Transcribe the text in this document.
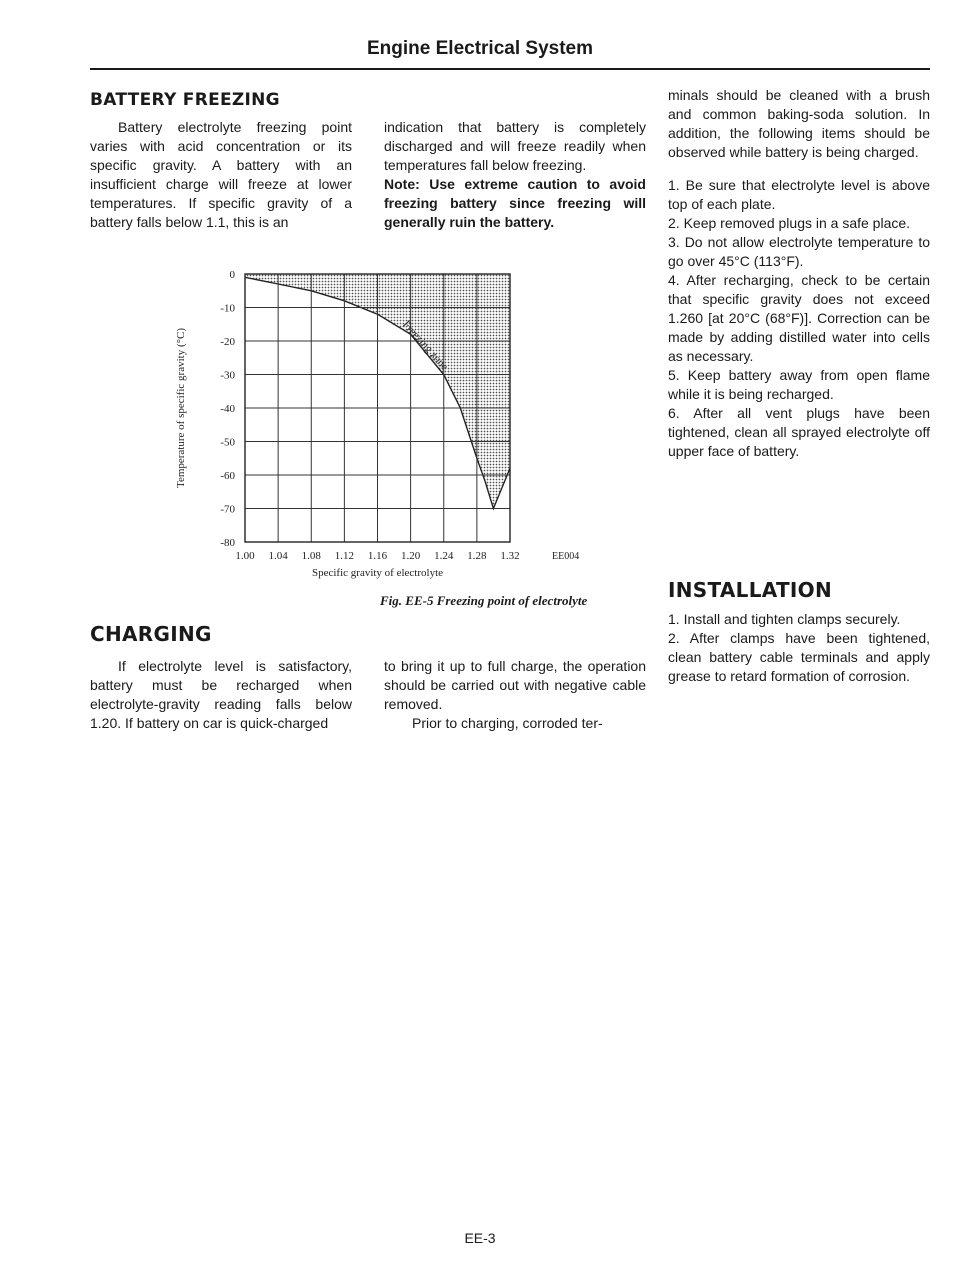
Engine Electrical System
BATTERY FREEZING

Battery electrolyte freezing point varies with acid concentration or its specific gravity. A battery with an insufficient charge will freeze at lower temperatures. If specific gravity of a battery falls below 1.1, this is an

indication that battery is completely discharged and will freeze readily when temperatures fall below freezing.

Note: Use extreme caution to avoid freezing battery since freezing will generally ruin the battery.

1.00 1.04 1.08 1.12 1.16 1.20 1.24 1.28 1.32
0
-10
-20
-30
-40
-50
-60
-70
-80
Specific gravity of electrolyte
Temperature of specific gravity (°C)	Freezing zone
EE004
Fig. EE-5 Freezing point of electrolyte
CHARGING

If electrolyte level is satisfactory, battery must be recharged when electrolyte-gravity reading falls below 1.20. If battery on car is quick-charged

to bring it up to full charge, the operation should be carried out with negative cable removed.

Prior to charging, corroded ter-

minals should be cleaned with a brush and common baking-soda solution. In addition, the following items should be observed while battery is being charged.

1. Be sure that electrolyte level is above top of each plate.

2. Keep removed plugs in a safe place.

3. Do not allow electrolyte temperature to go over 45°C (113°F).

4. After recharging, check to be certain that specific gravity does not exceed 1.260 [at 20°C (68°F)]. Correction can be made by adding distilled water into cells as necessary.

5. Keep battery away from open flame while it is being recharged.

6. After all vent plugs have been tightened, clean all sprayed electrolyte off upper face of battery.

INSTALLATION

1. Install and tighten clamps securely.

2. After clamps have been tightened, clean battery cable terminals and apply grease to retard formation of corrosion.

EE-3
